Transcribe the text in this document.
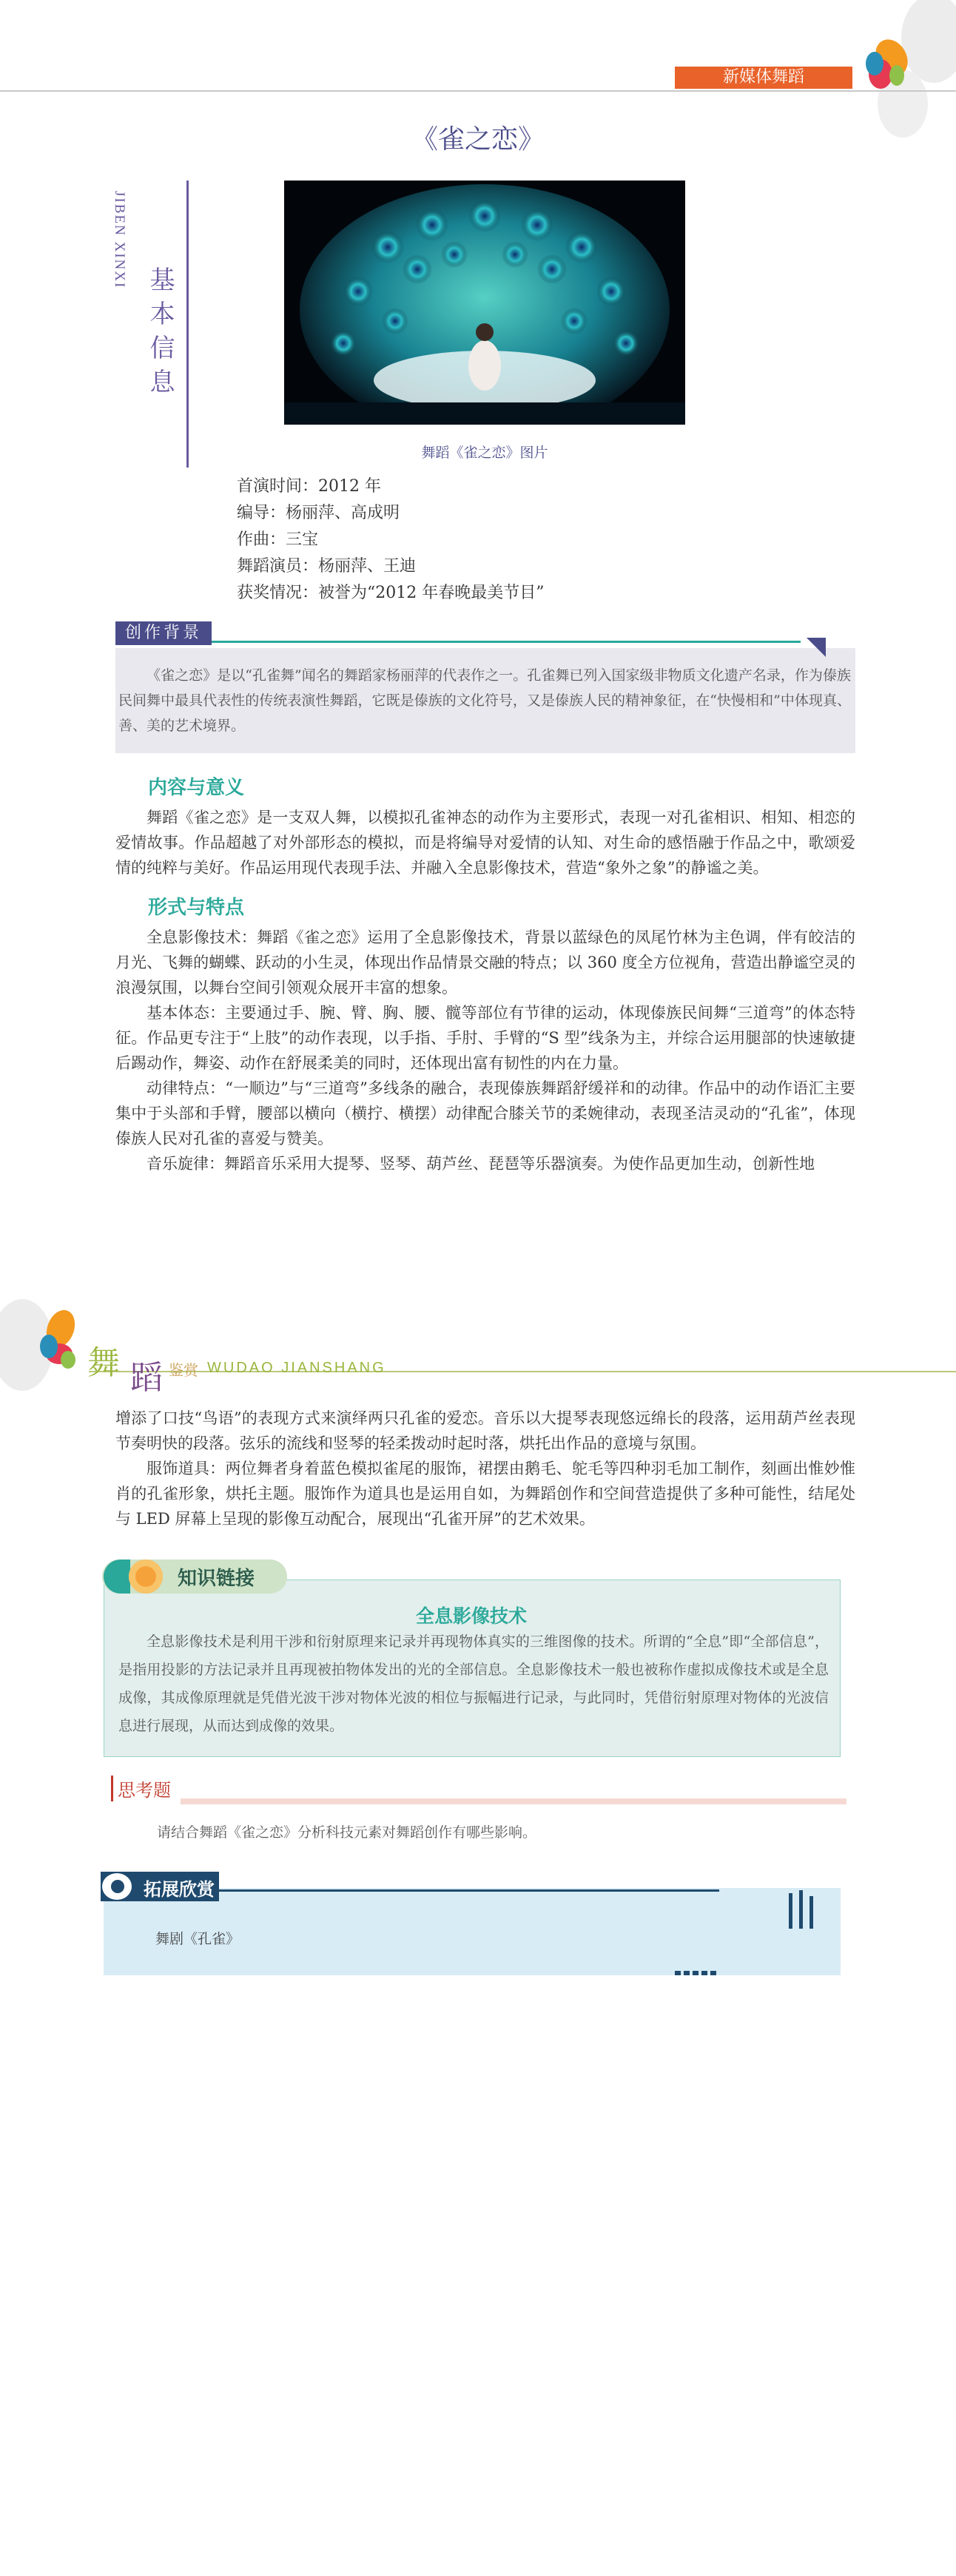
新媒体舞蹈
《雀之恋》
JIBEN XINXI
基本信息
舞蹈《雀之恋》图片
首演时间：2012 年
编导：杨丽萍、高成明
作曲：三宝
舞蹈演员：杨丽萍、王迪
获奖情况：被誉为“2012 年春晚最美节目”
创作背景
《雀之恋》是以“孔雀舞”闻名的舞蹈家杨丽萍的代表作之一。孔雀舞已列入国家级非物质文化遗产名录，作为傣族民间舞中最具代表性的传统表演性舞蹈，它既是傣族的文化符号，又是傣族人民的精神象征，在“快慢相和”中体现真、善、美的艺术境界。
内容与意义

舞蹈《雀之恋》是一支双人舞，以模拟孔雀神态的动作为主要形式，表现一对孔雀相识、相知、相恋的爱情故事。作品超越了对外部形态的模拟，而是将编导对爱情的认知、对生命的感悟融于作品之中，歌颂爱情的纯粹与美好。作品运用现代表现手法、并融入全息影像技术，营造“象外之象”的静谧之美。

形式与特点

全息影像技术：舞蹈《雀之恋》运用了全息影像技术，背景以蓝绿色的凤尾竹林为主色调，伴有皎洁的月光、飞舞的蝴蝶、跃动的小生灵，体现出作品情景交融的特点；以 360 度全方位视角，营造出静谧空灵的浪漫氛围，以舞台空间引领观众展开丰富的想象。

基本体态：主要通过手、腕、臂、胸、腰、髋等部位有节律的运动，体现傣族民间舞“三道弯”的体态特征。作品更专注于“上肢”的动作表现，以手指、手肘、手臂的“S 型”线条为主，并综合运用腿部的快速敏捷后踢动作，舞姿、动作在舒展柔美的同时，还体现出富有韧性的内在力量。

动律特点：“一顺边”与“三道弯”多线条的融合，表现傣族舞蹈舒缓祥和的动律。作品中的动作语汇主要集中于头部和手臂，腰部以横向（横拧、横摆）动律配合膝关节的柔婉律动，表现圣洁灵动的“孔雀”，体现傣族人民对孔雀的喜爱与赞美。

音乐旋律：舞蹈音乐采用大提琴、竖琴、葫芦丝、琵琶等乐器演奏。为使作品更加生动，创新性地

舞 蹈 鉴赏 WUDAO JIANSHANG

增添了口技“鸟语”的表现方式来演绎两只孔雀的爱恋。音乐以大提琴表现悠远绵长的段落，运用葫芦丝表现节奏明快的段落。弦乐的流线和竖琴的轻柔拨动时起时落，烘托出作品的意境与氛围。

服饰道具：两位舞者身着蓝色模拟雀尾的服饰，裙摆由鹅毛、鸵毛等四种羽毛加工制作，刻画出惟妙惟肖的孔雀形象，烘托主题。服饰作为道具也是运用自如，为舞蹈创作和空间营造提供了多种可能性，结尾处与 LED 屏幕上呈现的影像互动配合，展现出“孔雀开屏”的艺术效果。

知识链接
全息影像技术
全息影像技术是利用干涉和衍射原理来记录并再现物体真实的三维图像的技术。所谓的“全息”即“全部信息”，是指用投影的方法记录并且再现被拍物体发出的光的全部信息。全息影像技术一般也被称作虚拟成像技术或是全息成像，其成像原理就是凭借光波干涉对物体光波的相位与振幅进行记录，与此同时，凭借衍射原理对物体的光波信息进行展现，从而达到成像的效果。
思考题
请结合舞蹈《雀之恋》分析科技元素对舞蹈创作有哪些影响。
拓展欣赏
舞剧《孔雀》
